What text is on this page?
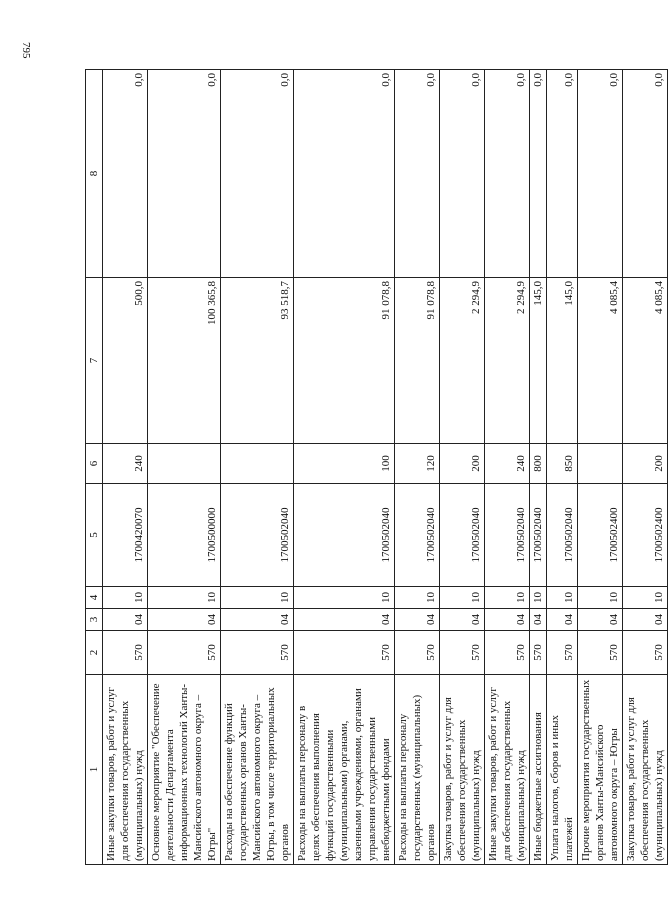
795
1	2	3	4	5	6	7	8
Иные закупки товаров, работ и услуг для обеспечения государственных (муниципальных) нужд	570	04	10	1700420070	240	500,0	0,0
Основное мероприятие "Обеспечение деятельности Департамента информационных технологий Ханты-Мансийского автономного округа – Югры"	570	04	10	1700500000		100 365,8	0,0
Расходы на обеспечение функций государственных органов Ханты-Мансийского автономного округа – Югры, в том числе территориальных органов	570	04	10	1700502040		93 518,7	0,0
Расходы на выплаты персоналу в целях обеспечения выполнения функций государственными (муниципальными) органами, казенными учреждениями, органами управления государственными внебюджетными фондами	570	04	10	1700502040	100	91 078,8	0,0
Расходы на выплаты персоналу государственных (муниципальных) органов	570	04	10	1700502040	120	91 078,8	0,0
Закупка товаров, работ и услуг для обеспечения государственных (муниципальных) нужд	570	04	10	1700502040	200	2 294,9	0,0
Иные закупки товаров, работ и услуг для обеспечения государственных (муниципальных) нужд	570	04	10	1700502040	240	2 294,9	0,0
Иные бюджетные ассигнования	570	04	10	1700502040	800	145,0	0,0
Уплата налогов, сборов и иных платежей	570	04	10	1700502040	850	145,0	0,0
Прочие мероприятия государственных органов Ханты-Мансийского автономного округа – Югры	570	04	10	1700502400		4 085,4	0,0
Закупка товаров, работ и услуг для обеспечения государственных (муниципальных) нужд	570	04	10	1700502400	200	4 085,4	0,0
